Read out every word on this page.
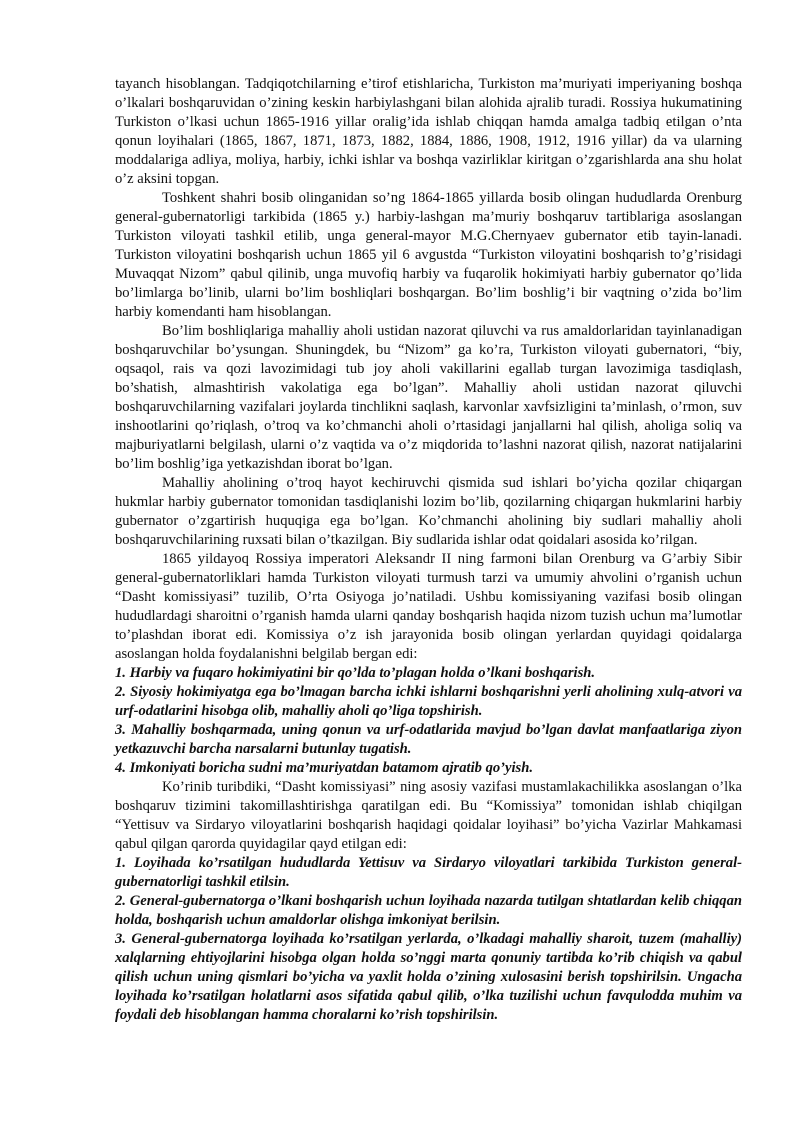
tayanch hisoblangan. Tadqiqotchilarning e’tirof etishlaricha, Turkiston ma’muriyati imperiyaning boshqa o’lkalari boshqaruvidan o’zining keskin harbiylashgani bilan alohida ajralib turadi. Rossiya hukumatining Turkiston o’lkasi uchun 1865-1916 yillar oralig’ida ishlab chiqqan hamda amalga tadbiq etilgan o’nta qonun loyihalari (1865, 1867, 1871, 1873, 1882, 1884, 1886, 1908, 1912, 1916 yillar) da va ularning moddalariga adliya, moliya, harbiy, ichki ishlar va boshqa vazirliklar kiritgan o’zgarishlarda ana shu holat o’z aksini topgan.

Toshkent shahri bosib olinganidan so’ng 1864-1865 yillarda bosib olingan hududlarda Orenburg general-gubernatorligi tarkibida (1865 y.) harbiy-lashgan ma’muriy boshqaruv tartiblariga asoslangan Turkiston viloyati tashkil etilib, unga general-mayor M.G.Chernyaev gubernator etib tayin-lanadi. Turkiston viloyatini boshqarish uchun 1865 yil 6 avgustda “Turkiston viloyatini boshqarish to’g’risidagi Muvaqqat Nizom” qabul qilinib, unga muvofiq harbiy va fuqarolik hokimiyati harbiy gubernator qo’lida bo’limlarga bo’linib, ularni bo’lim boshliqlari boshqargan. Bo’lim boshlig’i bir vaqtning o’zida bo’lim harbiy komendanti ham hisoblangan.

Bo’lim boshliqlariga mahalliy aholi ustidan nazorat qiluvchi va rus amaldorlaridan tayinlanadigan boshqaruvchilar bo’ysungan. Shuningdek, bu “Nizom” ga ko’ra, Turkiston viloyati gubernatori, “biy, oqsaqol, rais va qozi lavozimidagi tub joy aholi vakillarini egallab turgan lavozimiga tasdiqlash, bo’shatish, almashtirish vakolatiga ega bo’lgan”. Mahalliy aholi ustidan nazorat qiluvchi boshqaruvchilarning vazifalari joylarda tinchlikni saqlash, karvonlar xavfsizligini ta’minlash, o’rmon, suv inshootlarini qo’riqlash, o’troq va ko’chmanchi aholi o’rtasidagi janjallarni hal qilish, aholiga soliq va majburiyatlarni belgilash, ularni o’z vaqtida va o’z miqdorida to’lashni nazorat qilish, nazorat natijalarini bo’lim boshlig’iga yetkazishdan iborat bo’lgan.

Mahalliy aholining o’troq hayot kechiruvchi qismida sud ishlari bo’yicha qozilar chiqargan hukmlar harbiy gubernator tomonidan tasdiqlanishi lozim bo’lib, qozilarning chiqargan hukmlarini harbiy gubernator o’zgartirish huquqiga ega bo’lgan. Ko’chmanchi aholining biy sudlari mahalliy aholi boshqaruvchilarining ruxsati bilan o’tkazilgan. Biy sudlarida ishlar odat qoidalari asosida ko’rilgan.

1865 yildayoq Rossiya imperatori Aleksandr II ning farmoni bilan Orenburg va G’arbiy Sibir general-gubernatorliklari hamda Turkiston viloyati turmush tarzi va umumiy ahvolini o’rganish uchun “Dasht komissiyasi” tuzilib, O’rta Osiyoga jo’natiladi. Ushbu komissiyaning vazifasi bosib olingan hududlardagi sharoitni o’rganish hamda ularni qanday boshqarish haqida nizom tuzish uchun ma’lumotlar to’plashdan iborat edi. Komissiya o’z ish jarayonida bosib olingan yerlardan quyidagi qoidalarga asoslangan holda foydalanishni belgilab bergan edi:

1. Harbiy va fuqaro hokimiyatini bir qo’lda to’plagan holda o’lkani boshqarish.

2. Siyosiy hokimiyatga ega bo’lmagan barcha ichki ishlarni boshqarishni yerli aholining xulq-atvori va urf-odatlarini hisobga olib, mahalliy aholi qo’liga topshirish.

3. Mahalliy boshqarmada, uning qonun va urf-odatlarida mavjud bo’lgan davlat manfaatlariga ziyon yetkazuvchi barcha narsalarni butunlay tugatish.

4. Imkoniyati boricha sudni ma’muriyatdan batamom ajratib qo’yish.

Ko’rinib turibdiki, “Dasht komissiyasi” ning asosiy vazifasi mustamlakachilikka asoslangan o’lka boshqaruv tizimini takomillashtirishga qaratilgan edi. Bu “Komissiya” tomonidan ishlab chiqilgan “Yettisuv va Sirdaryo viloyatlarini boshqarish haqidagi qoidalar loyihasi” bo’yicha Vazirlar Mahkamasi qabul qilgan qarorda quyidagilar qayd etilgan edi:

1. Loyihada ko’rsatilgan hududlarda Yettisuv va Sirdaryo viloyatlari tarkibida Turkiston general-gubernatorligi tashkil etilsin.

2. General-gubernatorga o’lkani boshqarish uchun loyihada nazarda tutilgan shtatlardan kelib chiqqan holda, boshqarish uchun amaldorlar olishga imkoniyat berilsin.

3. General-gubernatorga loyihada ko’rsatilgan yerlarda, o’lkadagi mahalliy sharoit, tuzem (mahalliy) xalqlarning ehtiyojlarini hisobga olgan holda so’nggi marta qonuniy tartibda ko’rib chiqish va qabul qilish uchun uning qismlari bo’yicha va yaxlit holda o’zining xulosasini berish topshirilsin. Ungacha loyihada ko’rsatilgan holatlarni asos sifatida qabul qilib, o’lka tuzilishi uchun favqulodda muhim va foydali deb hisoblangan hamma choralarni ko’rish topshirilsin.
